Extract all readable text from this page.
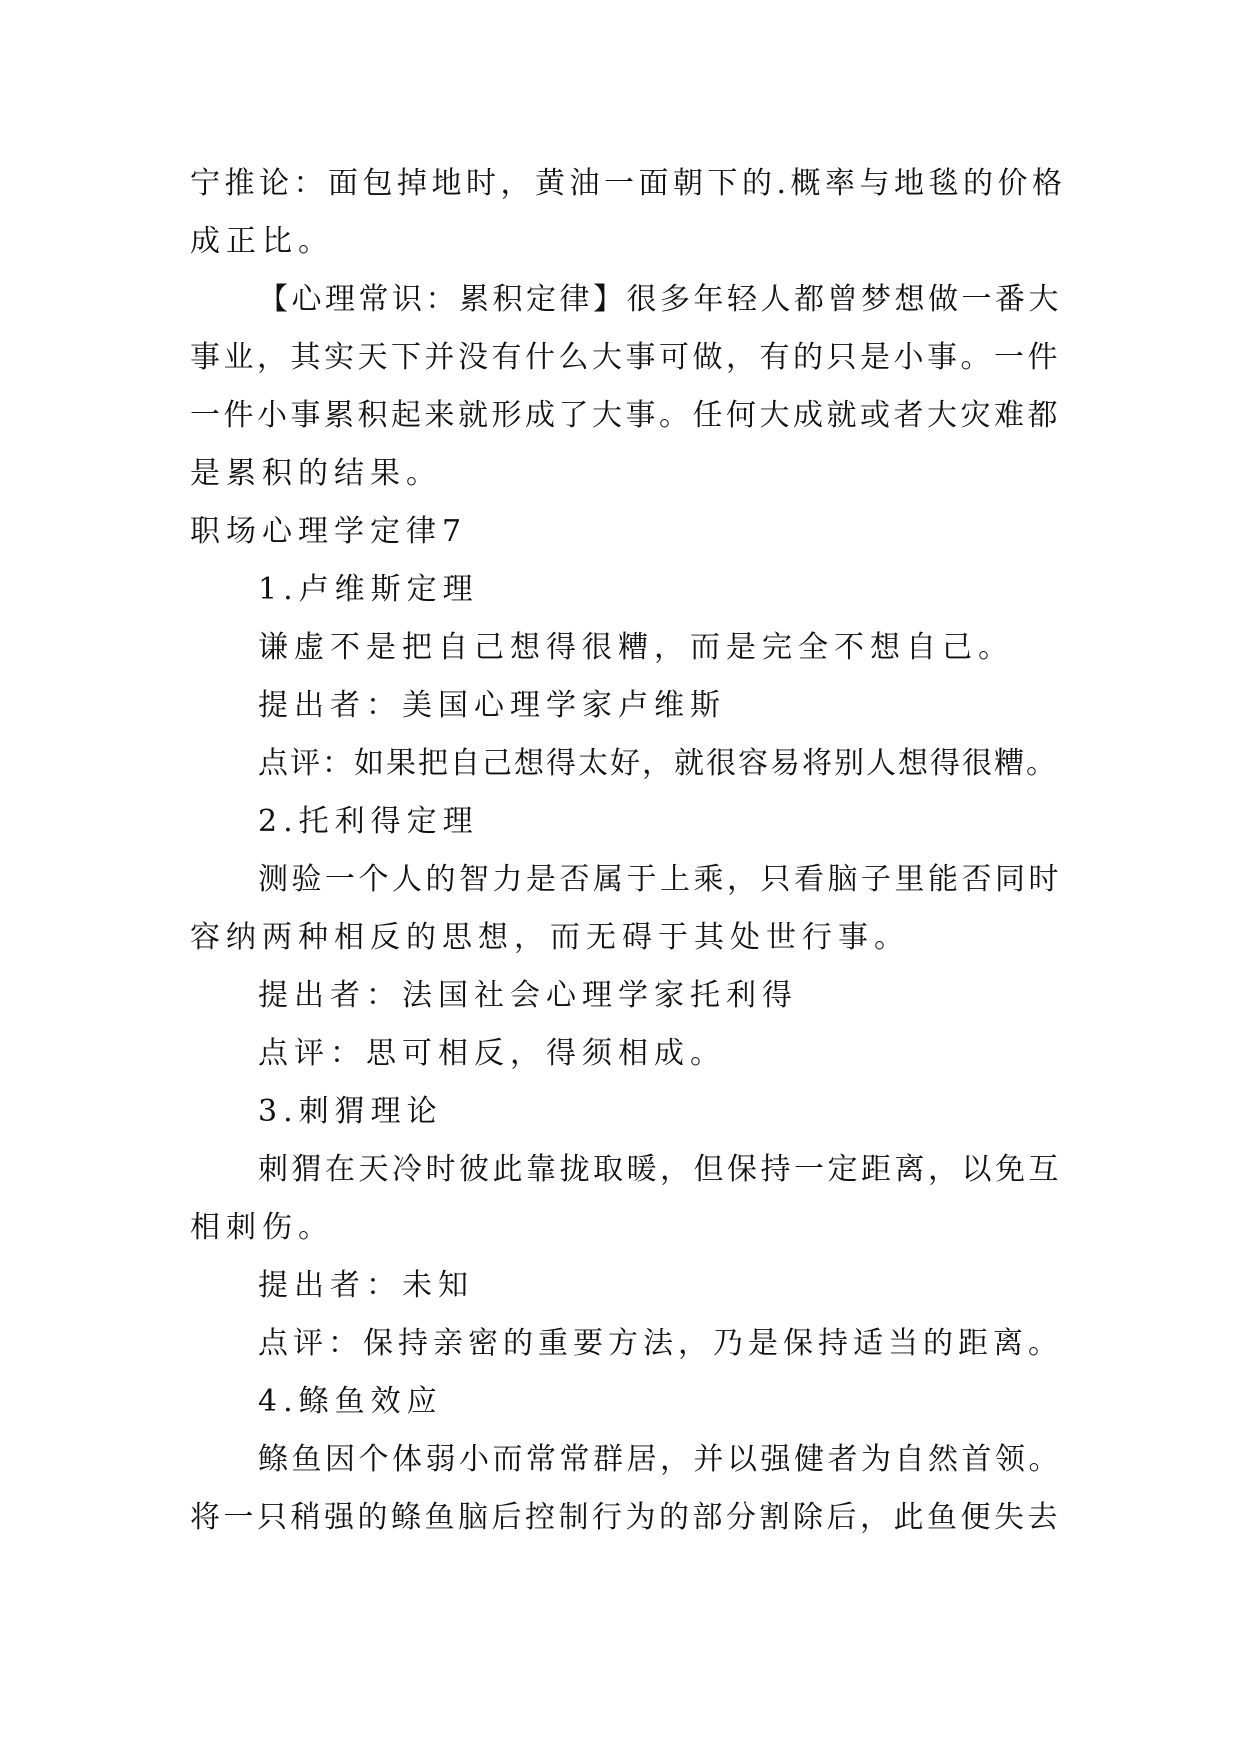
宁推论：面包掉地时，黄油一面朝下的.概率与地毯的价格

成正比。

【心理常识：累积定律】很多年轻人都曾梦想做一番大

事业，其实天下并没有什么大事可做，有的只是小事。一件

一件小事累积起来就形成了大事。任何大成就或者大灾难都

是累积的结果。

职场心理学定律7

1.卢维斯定理

谦虚不是把自己想得很糟，而是完全不想自己。

提出者：美国心理学家卢维斯

点评：如果把自己想得太好，就很容易将别人想得很糟。

2.托利得定理

测验一个人的智力是否属于上乘，只看脑子里能否同时

容纳两种相反的思想，而无碍于其处世行事。

提出者：法国社会心理学家托利得

点评：思可相反，得须相成。

3.刺猬理论

刺猬在天冷时彼此靠拢取暖，但保持一定距离，以免互

相刺伤。

提出者：未知

点评：保持亲密的重要方法，乃是保持适当的距离。

4.鲦鱼效应

鲦鱼因个体弱小而常常群居，并以强健者为自然首领。

将一只稍强的鲦鱼脑后控制行为的部分割除后，此鱼便失去
